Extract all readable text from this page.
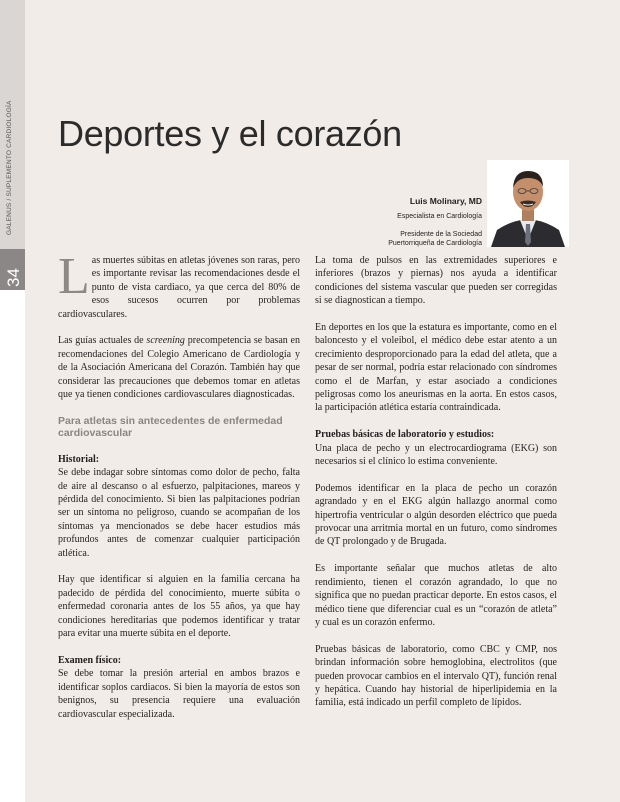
GALENUS / SUPLEMENTO CARDIOLOGÍA
34
Deportes y el corazón
Luis Molinary, MD
Especialista en Cardiología
Presidente de la Sociedad
Puertorriqueña de Cardiología

Las muertes súbitas en atletas jóvenes son raras, pero es importante revisar las recomendaciones desde el punto de vista cardiaco, ya que cerca del 80% de esos sucesos ocurren por problemas cardiovasculares.

Las guías actuales de screening precompetencia se basan en recomendaciones del Colegio Americano de Cardiología y de la Asociación Americana del Corazón. También hay que considerar las precauciones que debemos tomar en atletas que ya tienen condiciones cardiovasculares diagnosticadas.

Para atletas sin antecedentes de enfermedad cardiovascular

Historial:
Se debe indagar sobre síntomas como dolor de pecho, falta de aire al descanso o al esfuerzo, palpitaciones, mareos y pérdida del conocimiento. Si bien las palpitaciones podrían ser un síntoma no peligroso, cuando se acompañan de los síntomas ya mencionados se debe hacer estudios más profundos antes de comenzar cualquier participación atlética.

Hay que identificar si alguien en la familia cercana ha padecido de pérdida del conocimiento, muerte súbita o enfermedad coronaria antes de los 55 años, ya que hay condiciones hereditarias que podemos identificar y tratar para evitar una muerte súbita en el deporte.

Examen físico:
Se debe tomar la presión arterial en ambos brazos e identificar soplos cardiacos. Si bien la mayoría de estos son benignos, su presencia requiere una evaluación cardiovascular especializada.

La toma de pulsos en las extremidades superiores e inferiores (brazos y piernas) nos ayuda a identificar condiciones del sistema vascular que pueden ser corregidas si se diagnostican a tiempo.

En deportes en los que la estatura es importante, como en el baloncesto y el voleibol, el médico debe estar atento a un crecimiento desproporcionado para la edad del atleta, que a pesar de ser normal, podría estar relacionado con síndromes como el de Marfan, y estar asociado a condiciones peligrosas como los aneurismas en la aorta. En estos casos, la participación atlética estaría contraindicada.

Pruebas básicas de laboratorio y estudios:
Una placa de pecho y un electrocardiograma (EKG) son necesarios si el clínico lo estima conveniente.

Podemos identificar en la placa de pecho un corazón agrandado y en el EKG algún hallazgo anormal como hipertrofia ventricular o algún desorden eléctrico que pueda provocar una arritmia mortal en un futuro, como síndromes de QT prolongado y de Brugada.

Es importante señalar que muchos atletas de alto rendimiento, tienen el corazón agrandado, lo que no significa que no puedan practicar deporte. En estos casos, el médico tiene que diferenciar cual es un “corazón de atleta” y cual es un corazón enfermo.

Pruebas básicas de laboratorio, como CBC y CMP, nos brindan información sobre hemoglobina, electrolitos (que pueden provocar cambios en el intervalo QT), función renal y hepática. Cuando hay historial de hiperlipidemia en la familia, está indicado un perfil completo de lípidos.
